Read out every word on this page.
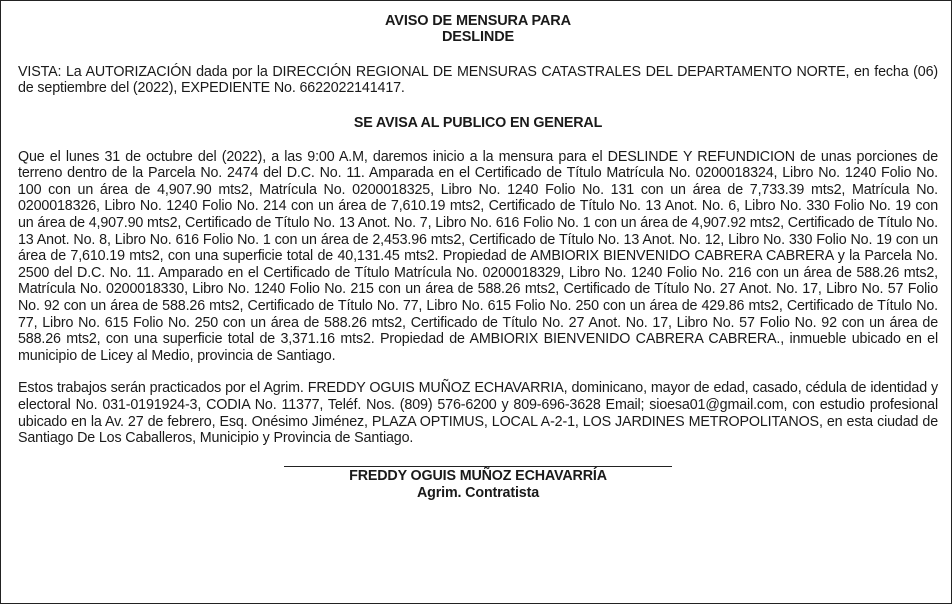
AVISO DE MENSURA PARA
DESLINDE

VISTA: La AUTORIZACIÓN dada por la DIRECCIÓN REGIONAL DE MENSURAS CATASTRALES DEL DEPARTAMENTO NORTE, en fecha (06) de septiembre del (2022), EXPEDIENTE No. 6622022141417.

SE AVISA AL PUBLICO EN GENERAL

Que el lunes 31 de octubre del (2022), a las 9:00 A.M, daremos inicio a la mensura para el DESLINDE Y REFUNDICION de unas porciones de terreno dentro de la Parcela No. 2474 del D.C. No. 11. Amparada en el Certificado de Título Matrícula No. 0200018324, Libro No. 1240 Folio No. 100 con un área de 4,907.90 mts2, Matrícula No. 0200018325, Libro No. 1240 Folio No. 131 con un área de 7,733.39 mts2, Matrícula No. 0200018326, Libro No. 1240 Folio No. 214 con un área de 7,610.19 mts2, Certificado de Título No. 13 Anot. No. 6, Libro No. 330 Folio No. 19 con un área de 4,907.90 mts2, Certificado de Título No. 13 Anot. No. 7, Libro No. 616 Folio No. 1 con un área de 4,907.92 mts2, Certificado de Título No. 13 Anot. No. 8, Libro No. 616 Folio No. 1 con un área de 2,453.96 mts2, Certificado de Título No. 13 Anot. No. 12, Libro No. 330 Folio No. 19 con un área de 7,610.19 mts2, con una superficie total de 40,131.45 mts2. Propiedad de AMBIORIX BIENVENIDO CABRERA CABRERA y la Parcela No. 2500 del D.C. No. 11. Amparado en el Certificado de Título Matrícula No. 0200018329, Libro No. 1240 Folio No. 216 con un área de 588.26 mts2, Matrícula No. 0200018330, Libro No. 1240 Folio No. 215 con un área de 588.26 mts2, Certificado de Título No. 27 Anot. No. 17, Libro No. 57 Folio No. 92 con un área de 588.26 mts2, Certificado de Título No. 77, Libro No. 615 Folio No. 250 con un área de 429.86 mts2, Certificado de Título No. 77, Libro No. 615 Folio No. 250 con un área de 588.26 mts2, Certificado de Título No. 27 Anot. No. 17, Libro No. 57 Folio No. 92 con un área de 588.26 mts2, con una superficie total de 3,371.16 mts2. Propiedad de AMBIORIX BIENVENIDO CABRERA CABRERA., inmueble ubicado en el municipio de Licey al Medio, provincia de Santiago.

Estos trabajos serán practicados por el Agrim. FREDDY OGUIS MUÑOZ ECHAVARRIA, dominicano, mayor de edad, casado, cédula de identidad y electoral No. 031-0191924-3, CODIA No. 11377, Teléf. Nos. (809) 576-6200 y 809-696-3628 Email; sioesa01@gmail.com, con estudio profesional ubicado en la Av. 27 de febrero, Esq. Onésimo Jiménez, PLAZA OPTIMUS, LOCAL A-2-1, LOS JARDINES METROPOLITANOS, en esta ciudad de Santiago De Los Caballeros, Municipio y Provincia de Santiago.

FREDDY OGUIS MUÑOZ ECHAVARRÍA
Agrim. Contratista
